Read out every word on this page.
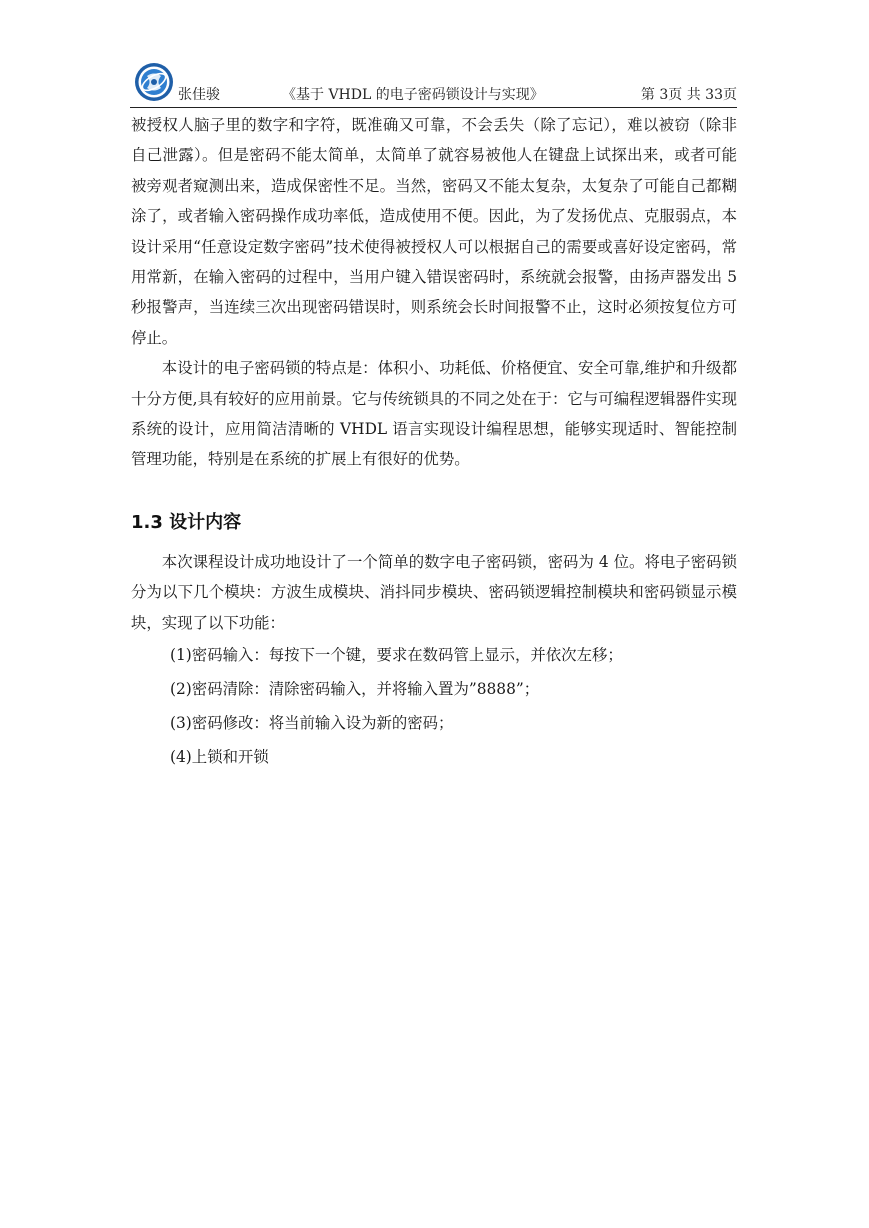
张佳骏	《基于 VHDL 的电子密码锁设计与实现》	第 3页 共 33页

被授权人脑子里的数字和字符，既准确又可靠，不会丢失（除了忘记），难以被窃（除非自己泄露）。但是密码不能太简单，太简单了就容易被他人在键盘上试探出来，或者可能被旁观者窥测出来，造成保密性不足。当然，密码又不能太复杂，太复杂了可能自己都糊涂了，或者输入密码操作成功率低，造成使用不便。因此，为了发扬优点、克服弱点，本设计采用“任意设定数字密码”技术使得被授权人可以根据自己的需要或喜好设定密码，常用常新，在输入密码的过程中，当用户键入错误密码时，系统就会报警，由扬声器发出 5 秒报警声，当连续三次出现密码错误时，则系统会长时间报警不止，这时必须按复位方可停止。

本设计的电子密码锁的特点是：体积小、功耗低、价格便宜、安全可靠,维护和升级都十分方便,具有较好的应用前景。它与传统锁具的不同之处在于：它与可编程逻辑器件实现系统的设计，应用简洁清晰的 VHDL 语言实现设计编程思想，能够实现适时、智能控制管理功能，特别是在系统的扩展上有很好的优势。

1.3 设计内容

本次课程设计成功地设计了一个简单的数字电子密码锁，密码为 4 位。将电子密码锁分为以下几个模块：方波生成模块、消抖同步模块、密码锁逻辑控制模块和密码锁显示模块，实现了以下功能：

(1)密码输入：每按下一个键，要求在数码管上显示，并依次左移；
(2)密码清除：清除密码输入，并将输入置为”8888”；
(3)密码修改：将当前输入设为新的密码；
(4)上锁和开锁
